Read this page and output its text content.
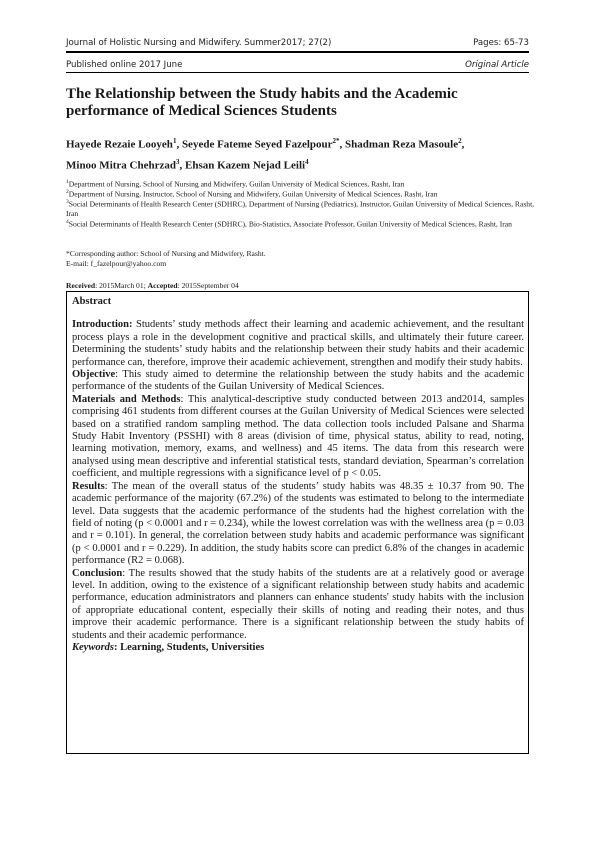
Journal of Holistic Nursing and Midwifery. Summer2017; 27(2)	Pages: 65-73
Published online 2017 June	Original Article
The Relationship between the Study habits and the Academic performance of Medical Sciences Students
Hayede Rezaie Looyeh$^1$, Seyede Fateme Seyed Fazelpour$^{2*}$, Shadman Reza Masoule$^2$,
Minoo Mitra Chehrzad$^3$, Ehsan Kazem Nejad Leili$^4$
$^1$Department of Nursing, School of Nursing and Midwifery, Guilan University of Medical Sciences, Rasht, Iran
$^2$Department of Nursing, Instructor, School of Nursing and Midwifery, Guilan University of Medical Sciences, Rasht, Iran
$^3$Social Determinants of Health Research Center (SDHRC), Department of Nursing (Pediatrics), Instructor, Guilan University of Medical Sciences, Rasht, Iran
$^4$Social Determinants of Health Research Center (SDHRC), Bio-Statistics, Associate Professor, Guilan University of Medical Sciences, Rasht, Iran
*Corresponding author: School of Nursing and Midwifery, Rasht.
E-mail: f_fazelpour@yahoo.com
Received: 2015March 01; Accepted: 2015September 04

Abstract

Introduction: Students’ study methods affect their learning and academic achievement, and the resultant process plays a role in the development cognitive and practical skills, and ultimately their future career. Determining the students’ study habits and the relationship between their study habits and their academic performance can, therefore, improve their academic achievement, strengthen and modify their study habits.

Objective: This study aimed to determine the relationship between the study habits and the academic performance of the students of the Guilan University of Medical Sciences.

Materials and Methods: This analytical-descriptive study conducted between 2013 and2014, samples comprising 461 students from different courses at the Guilan University of Medical Sciences were selected based on a stratified random sampling method. The data collection tools included Palsane and Sharma Study Habit Inventory (PSSHI) with 8 areas (division of time, physical status, ability to read, noting, learning motivation, memory, exams, and wellness) and 45 items. The data from this research were analysed using mean descriptive and inferential statistical tests, standard deviation, Spearman’s correlation coefficient, and multiple regressions with a significance level of p < 0.05.

Results: The mean of the overall status of the students’ study habits was 48.35 ± 10.37 from 90. The academic performance of the majority (67.2%) of the students was estimated to belong to the intermediate level. Data suggests that the academic performance of the students had the highest correlation with the field of noting (p < 0.0001 and r = 0.234), while the lowest correlation was with the wellness area (p = 0.03 and r = 0.101). In general, the correlation between study habits and academic performance was significant (p < 0.0001 and r = 0.229). In addition, the study habits score can predict 6.8% of the changes in academic performance (R2 = 0.068).

Conclusion: The results showed that the study habits of the students are at a relatively good or average level. In addition, owing to the existence of a significant relationship between study habits and academic performance, education administrators and planners can enhance students' study habits with the inclusion of appropriate educational content, especially their skills of noting and reading their notes, and thus improve their academic performance. There is a significant relationship between the study habits of students and their academic performance.

Keywords: Learning, Students, Universities
